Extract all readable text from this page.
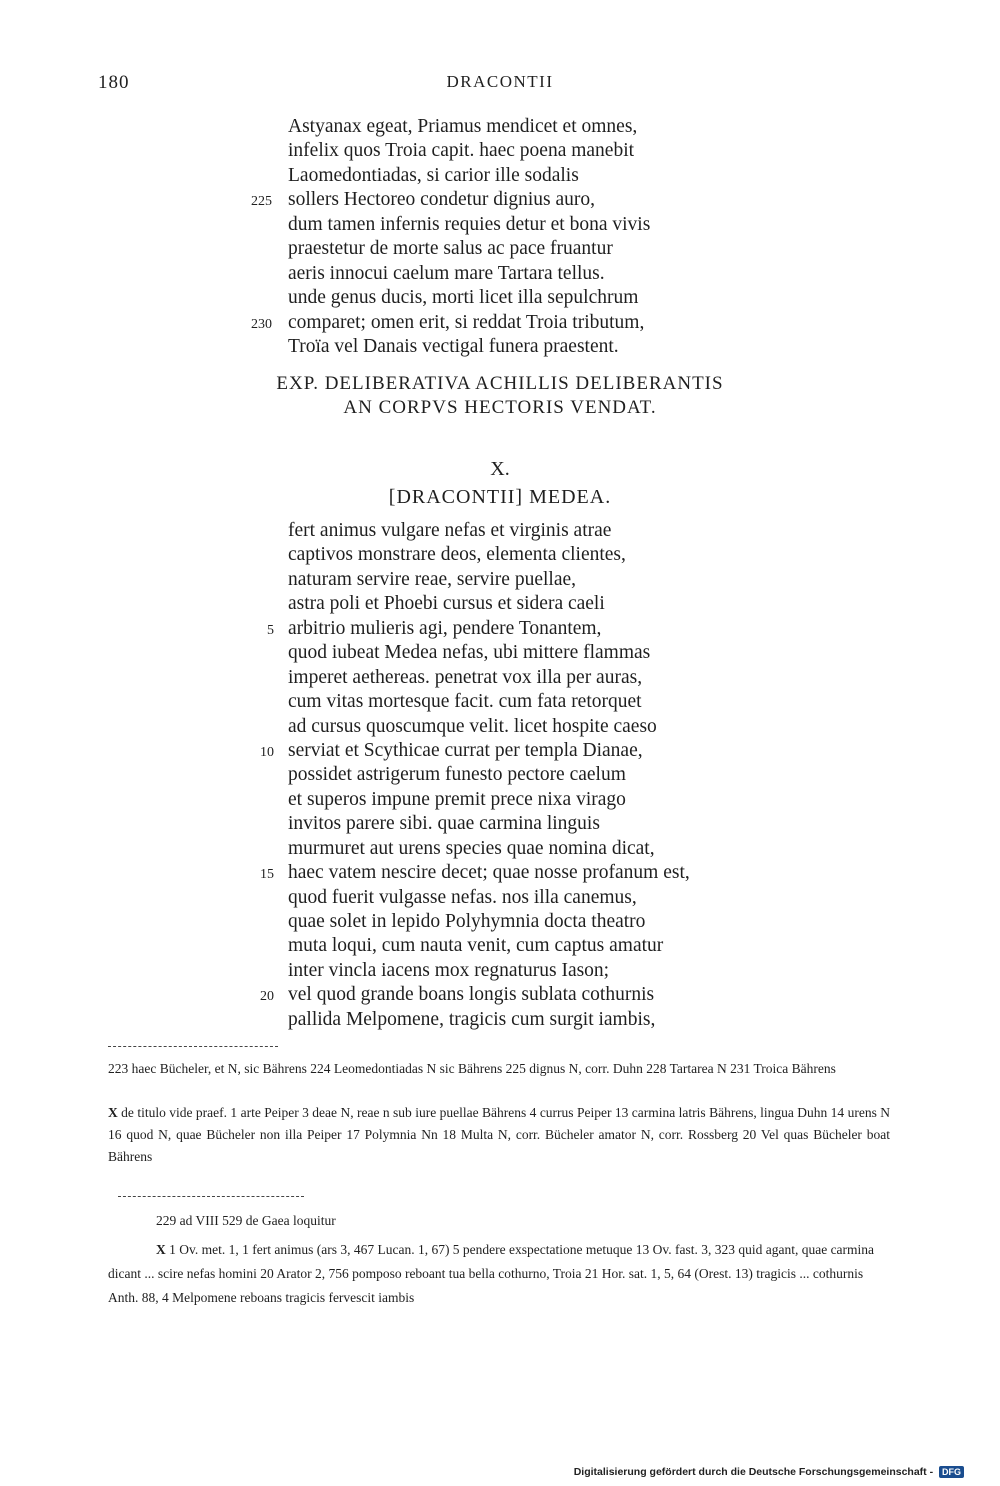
180	DRACONTII
Astyanax egeat, Priamus mendicet et omnes,
infelix quos Troia capit. haec poena manebit
Laomedontiadas, si carior ille sodalis
225 sollers Hectoreo condetur dignius auro,
dum tamen infernis requies detur et bona vivis
praestetur de morte salus ac pace fruantur
aeris innocui caelum mare Tartara tellus.
unde genus ducis, morti licet illa sepulchrum
230 comparet; omen erit, si reddat Troia tributum,
Troïa vel Danais vectigal funera praestent.
EXP. DELIBERATIVA ACHILLIS DELIBERANTIS
AN CORPVS HECTORIS VENDAT.
X.
[DRACONTII] MEDEA.
fert animus vulgare nefas et virginis atrae
captivos monstrare deos, elementa clientes,
naturam servire reae, servire puellae,
astra poli et Phoebi cursus et sidera caeli
5 arbitrio mulieris agi, pendere Tonantem,
quod iubeat Medea nefas, ubi mittere flammas
imperet aethereas. penetrat vox illa per auras,
cum vitas mortesque facit. cum fata retorquet
ad cursus quoscumque velit. licet hospite caeso
10 serviat et Scythicae currat per templa Dianae,
possidet astrigerum funesto pectore caelum
et superos impune premit prece nixa virago
invitos parere sibi. quae carmina linguis
murmuret aut urens species quae nomina dicat,
15 haec vatem nescire decet; quae nosse profanum est,
quod fuerit vulgasse nefas. nos illa canemus,
quae solet in lepido Polyhymnia docta theatro
muta loqui, cum nauta venit, cum captus amatur
inter vincla iacens mox regnaturus Iason;
20 vel quod grande boans longis sublata cothurnis
pallida Melpomene, tragicis cum surgit iambis,
223 haec Bücheler, et N, sic Bährens 224 Leomedontiadas N sic Bährens 225 dignus N, corr. Duhn 228 Tartarea N 231 Troica Bährens
X de titulo vide praef. 1 arte Peiper 3 deae N, reae n sub iure puellae Bährens 4 currus Peiper 13 carmina latris Bährens, lingua Duhn 14 urens N 16 quod N, quae Bücheler non illa Peiper 17 Polymnia Nn 18 Multa N, corr. Bücheler amator N, corr. Rossberg 20 Vel quas Bücheler boat Bährens
229 ad VIII 529 de Gaea loquitur
X 1 Ov. met. 1, 1 fert animus (ars 3, 467 Lucan. 1, 67) 5 pendere exspectatione metuque 13 Ov. fast. 3, 323 quid agant, quae carmina dicant ... scire nefas homini 20 Arator 2, 756 pomposo reboant tua bella cothurno, Troia 21 Hor. sat. 1, 5, 64 (Orest. 13) tragicis ... cothurnis Anth. 88, 4 Melpomene reboans tragicis fervescit iambis
Digitalisierung gefördert durch die Deutsche Forschungsgemeinschaft - DFG
